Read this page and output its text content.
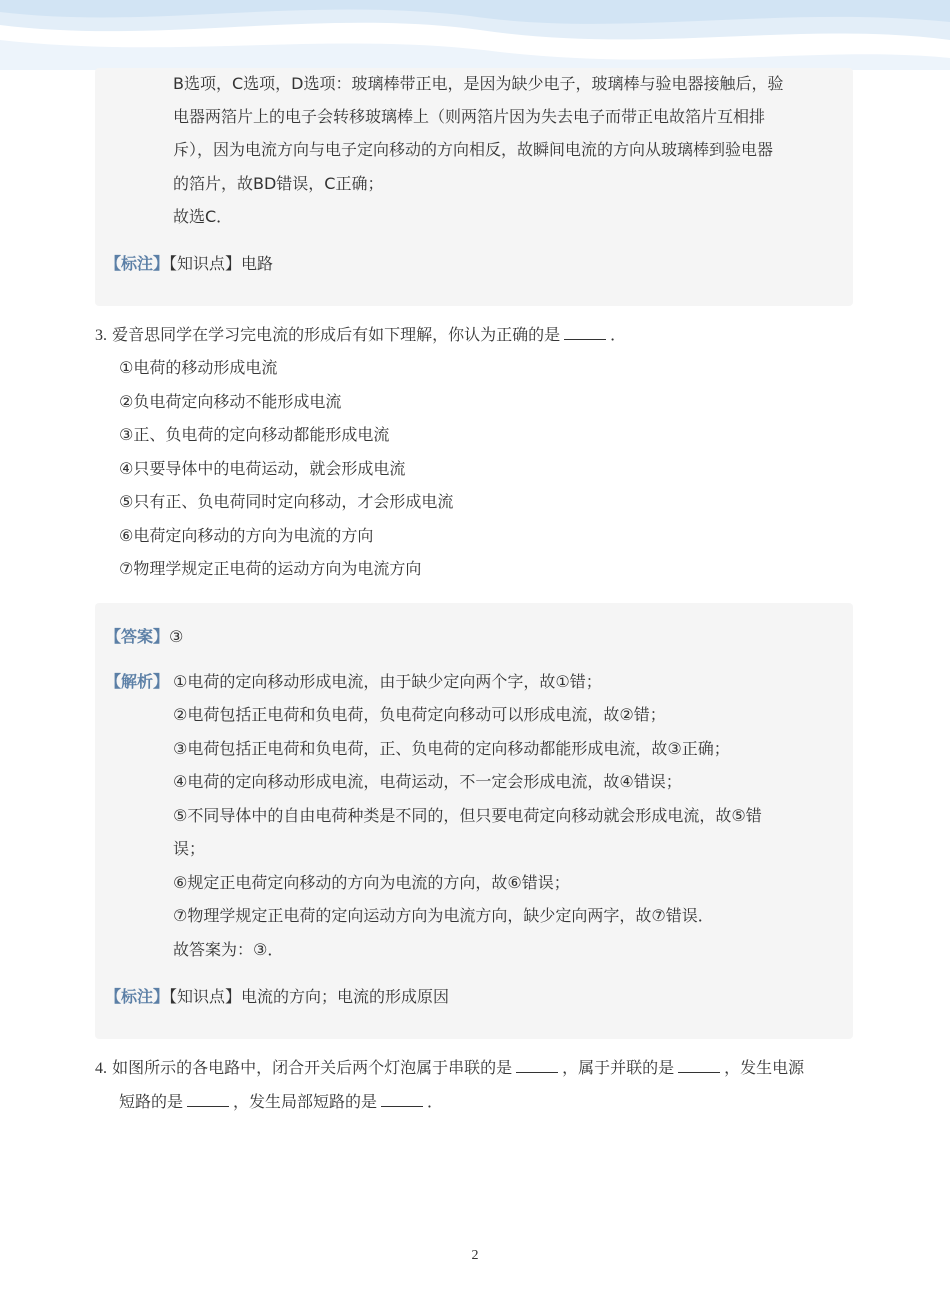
B选项，C选项，D选项：玻璃棒带正电，是因为缺少电子，玻璃棒与验电器接触后，验
电器两箔片上的电子会转移玻璃棒上（则两箔片因为失去电子而带正电故箔片互相排
斥），因为电流方向与电子定向移动的方向相反，故瞬间电流的方向从玻璃棒到验电器
的箔片，故BD错误，C正确；
故选C．
【标注】【知识点】电路
3. 爱音思同学在学习完电流的形成后有如下理解，你认为正确的是	．
①电荷的移动形成电流
②负电荷定向移动不能形成电流
③正、负电荷的定向移动都能形成电流
④只要导体中的电荷运动，就会形成电流
⑤只有正、负电荷同时定向移动，才会形成电流
⑥电荷定向移动的方向为电流的方向
⑦物理学规定正电荷的运动方向为电流方向
【答案】③
【解析】 ①电荷的定向移动形成电流，由于缺少定向两个字，故①错；
②电荷包括正电荷和负电荷，负电荷定向移动可以形成电流，故②错；
③电荷包括正电荷和负电荷，正、负电荷的定向移动都能形成电流，故③正确；
④电荷的定向移动形成电流，电荷运动，不一定会形成电流，故④错误；
⑤不同导体中的自由电荷种类是不同的，但只要电荷定向移动就会形成电流，故⑤错
误；
⑥规定正电荷定向移动的方向为电流的方向，故⑥错误；
⑦物理学规定正电荷的定向运动方向为电流方向，缺少定向两字，故⑦错误．
故答案为：③．
【标注】【知识点】电流的方向；电流的形成原因
4. 如图所示的各电路中，闭合开关后两个灯泡属于串联的是	，属于并联的是	，发生电源
短路的是	，发生局部短路的是	．
2
